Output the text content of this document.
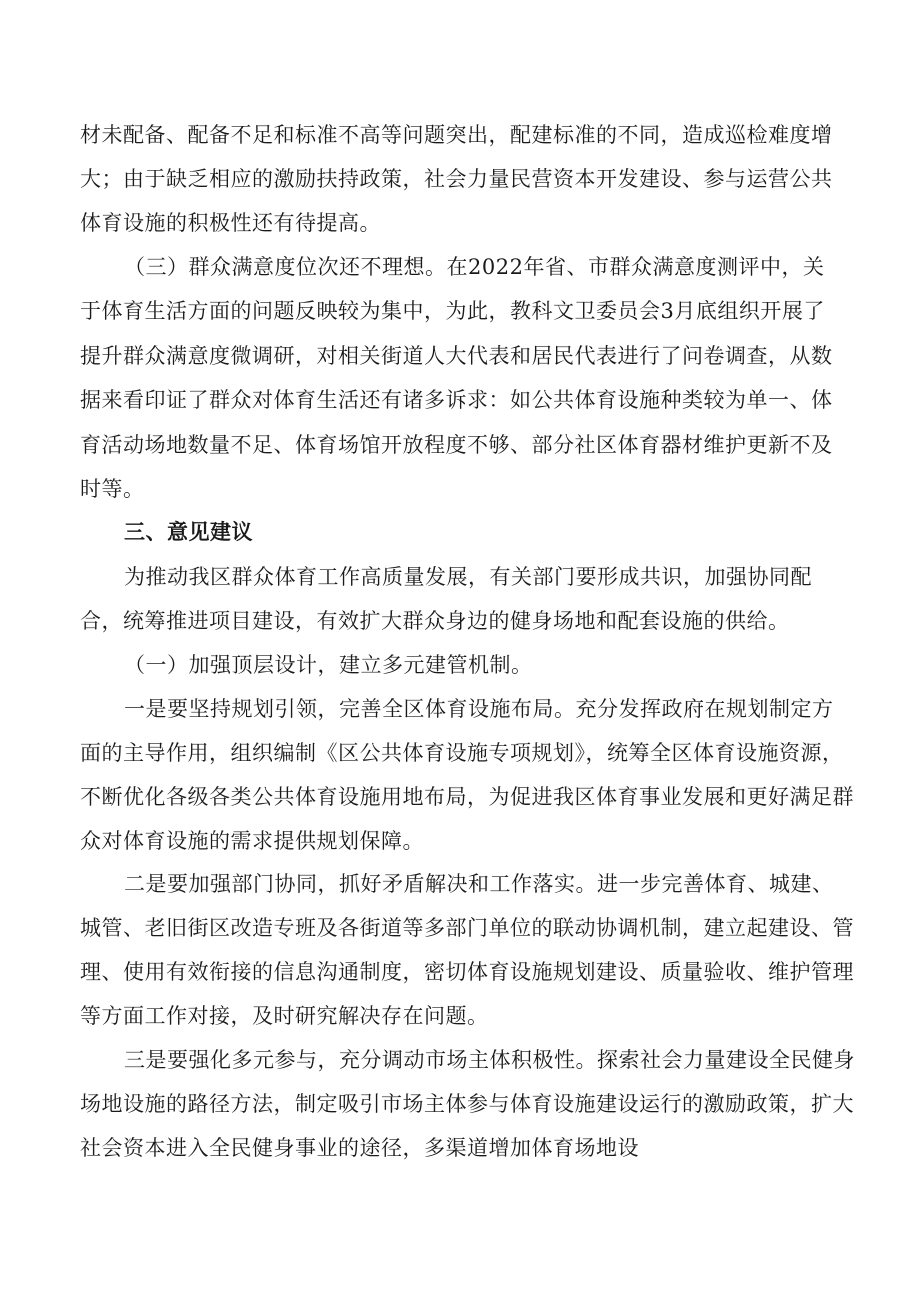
材未配备、配备不足和标准不高等问题突出，配建标准的不同，造成巡检难度增
大；由于缺乏相应的激励扶持政策，社会力量民营资本开发建设、参与运营公共
体育设施的积极性还有待提高。
（三）群众满意度位次还不理想。在2022年省、市群众满意度测评中，关
于体育生活方面的问题反映较为集中，为此，教科文卫委员会3月底组织开展了
提升群众满意度微调研，对相关街道人大代表和居民代表进行了问卷调查，从数
据来看印证了群众对体育生活还有诸多诉求：如公共体育设施种类较为单一、体
育活动场地数量不足、体育场馆开放程度不够、部分社区体育器材维护更新不及
时等。
三、意见建议
为推动我区群众体育工作高质量发展，有关部门要形成共识，加强协同配
合，统筹推进项目建设，有效扩大群众身边的健身场地和配套设施的供给。
（一）加强顶层设计，建立多元建管机制。
一是要坚持规划引领，完善全区体育设施布局。充分发挥政府在规划制定方
面的主导作用，组织编制《区公共体育设施专项规划》，统筹全区体育设施资源，
不断优化各级各类公共体育设施用地布局，为促进我区体育事业发展和更好满足群
众对体育设施的需求提供规划保障。
二是要加强部门协同，抓好矛盾解决和工作落实。进一步完善体育、城建、
城管、老旧街区改造专班及各街道等多部门单位的联动协调机制，建立起建设、管
理、使用有效衔接的信息沟通制度，密切体育设施规划建设、质量验收、维护管理
等方面工作对接，及时研究解决存在问题。
三是要强化多元参与，充分调动市场主体积极性。探索社会力量建设全民健身
场地设施的路径方法，制定吸引市场主体参与体育设施建设运行的激励政策，扩大
社会资本进入全民健身事业的途径，多渠道增加体育场地设
